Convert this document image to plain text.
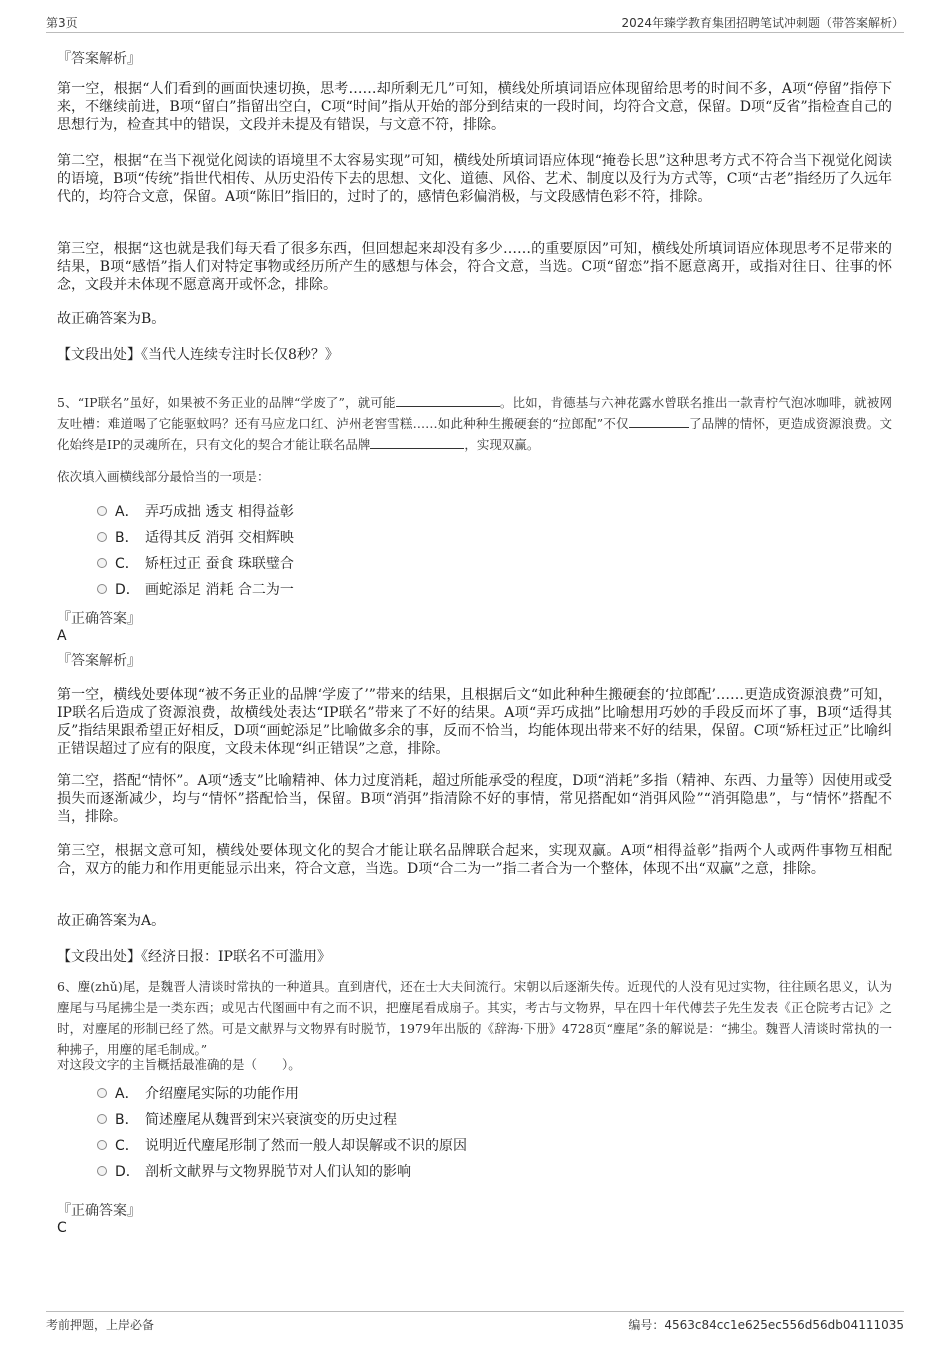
第3页	2024年臻学教育集团招聘笔试冲刺题（带答案解析）
『答案解析』
第一空，根据“人们看到的画面快速切换，思考……却所剩无几”可知，横线处所填词语应体现留给思考的时间不多，A项“停留”指停下来，不继续前进，B项“留白”指留出空白，C项“时间”指从开始的部分到结束的一段时间，均符合文意，保留。D项“反省”指检查自己的思想行为，检查其中的错误，文段并未提及有错误，与文意不符，排除。
第二空，根据“在当下视觉化阅读的语境里不太容易实现”可知，横线处所填词语应体现“掩卷长思”这种思考方式不符合当下视觉化阅读的语境，B项“传统”指世代相传、从历史沿传下去的思想、文化、道德、风俗、艺术、制度以及行为方式等，C项“古老”指经历了久远年代的，均符合文意，保留。A项“陈旧”指旧的，过时了的，感情色彩偏消极，与文段感情色彩不符，排除。
第三空，根据“这也就是我们每天看了很多东西，但回想起来却没有多少……的重要原因”可知，横线处所填词语应体现思考不足带来的结果，B项“感悟”指人们对特定事物或经历所产生的感想与体会，符合文意，当选。C项“留恋”指不愿意离开，或指对往日、往事的怀念，文段并未体现不愿意离开或怀念，排除。
故正确答案为B。
【文段出处】《当代人连续专注时长仅8秒？》
5、“IP联名”虽好，如果被不务正业的品牌“学废了”，就可能	。比如，肯德基与六神花露水曾联名推出一款青柠气泡冰咖啡，就被网友吐槽：难道喝了它能驱蚊吗？还有马应龙口红、泸州老窖雪糕……如此种种生搬硬套的“拉郎配”不仅	了品牌的情怀，更造成资源浪费。文化始终是IP的灵魂所在，只有文化的契合才能让联名品牌	，实现双赢。
依次填入画横线部分最恰当的一项是：
A． 弄巧成拙 透支 相得益彰
B． 适得其反 消弭 交相辉映
C． 矫枉过正 蚕食 珠联璧合
D． 画蛇添足 消耗 合二为一
『正确答案』
A
『答案解析』
第一空，横线处要体现“被不务正业的品牌‘学废了’”带来的结果，且根据后文“如此种种生搬硬套的‘拉郎配’……更造成资源浪费”可知，IP联名后造成了资源浪费，故横线处表达“IP联名”带来了不好的结果。A项“弄巧成拙”比喻想用巧妙的手段反而坏了事，B项“适得其反”指结果跟希望正好相反，D项“画蛇添足”比喻做多余的事，反而不恰当，均能体现出带来不好的结果，保留。C项“矫枉过正”比喻纠正错误超过了应有的限度，文段未体现“纠正错误”之意，排除。
第二空，搭配“情怀”。A项“透支”比喻精神、体力过度消耗，超过所能承受的程度，D项“消耗”多指（精神、东西、力量等）因使用或受损失而逐渐减少，均与“情怀”搭配恰当，保留。B项“消弭”指清除不好的事情，常见搭配如“消弭风险”“消弭隐患”，与“情怀”搭配不当，排除。
第三空，根据文意可知，横线处要体现文化的契合才能让联名品牌联合起来，实现双赢。A项“相得益彰”指两个人或两件事物互相配合，双方的能力和作用更能显示出来，符合文意，当选。D项“合二为一”指二者合为一个整体，体现不出“双赢”之意，排除。
故正确答案为A。
【文段出处】《经济日报：IP联名不可滥用》
6、麈(zhǔ)尾，是魏晋人清谈时常执的一种道具。直到唐代，还在士大夫间流行。宋朝以后逐渐失传。近现代的人没有见过实物，往往顾名思义，认为麈尾与马尾拂尘是一类东西；或见古代图画中有之而不识，把麈尾看成扇子。其实，考古与文物界，早在四十年代傅芸子先生发表《正仓院考古记》之时，对麈尾的形制已经了然。可是文献界与文物界有时脱节，1979年出版的《辞海·下册》4728页“麈尾”条的解说是：“拂尘。魏晋人清谈时常执的一种拂子，用麈的尾毛制成。”
对这段文字的主旨概括最准确的是（　　）。
A． 介绍麈尾实际的功能作用
B． 简述麈尾从魏晋到宋兴衰演变的历史过程
C． 说明近代麈尾形制了然而一般人却误解或不识的原因
D． 剖析文献界与文物界脱节对人们认知的影响
『正确答案』
C
考前押题，上岸必备	编号：4563c84cc1e625ec556d56db04111035
